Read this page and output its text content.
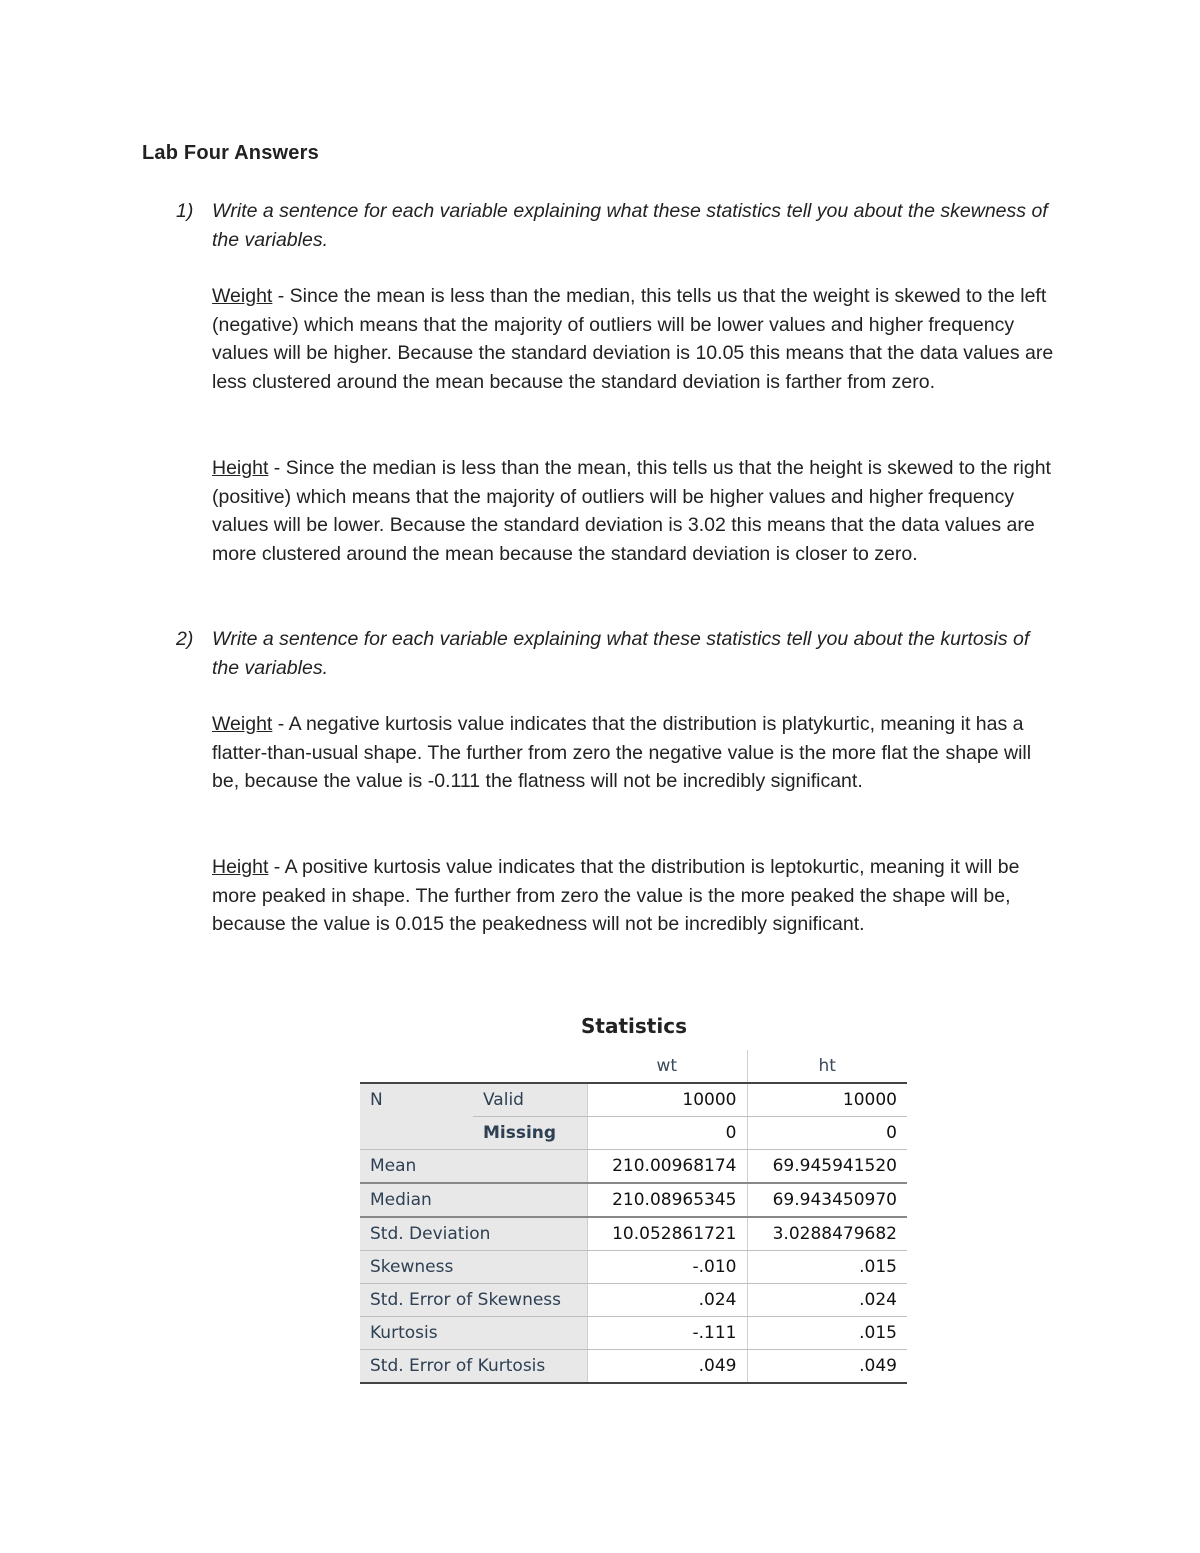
Lab Four Answers
1) Write a sentence for each variable explaining what these statistics tell you about the skewness of the variables.
Weight - Since the mean is less than the median, this tells us that the weight is skewed to the left (negative) which means that the majority of outliers will be lower values and higher frequency values will be higher. Because the standard deviation is 10.05 this means that the data values are less clustered around the mean because the standard deviation is farther from zero.
Height - Since the median is less than the mean, this tells us that the height is skewed to the right (positive) which means that the majority of outliers will be higher values and higher frequency values will be lower. Because the standard deviation is 3.02 this means that the data values are more clustered around the mean because the standard deviation is closer to zero.
2) Write a sentence for each variable explaining what these statistics tell you about the kurtosis of the variables.
Weight - A negative kurtosis value indicates that the distribution is platykurtic, meaning it has a flatter-than-usual shape. The further from zero the negative value is the more flat the shape will be, because the value is -0.111 the flatness will not be incredibly significant.
Height - A positive kurtosis value indicates that the distribution is leptokurtic, meaning it will be more peaked in shape. The further from zero the value is the more peaked the shape will be, because the value is 0.015 the peakedness will not be incredibly significant.
Statistics
		wt	ht
N	Valid	10000	10000
	Missing	0	0
Mean		210.00968174	69.945941520
Median		210.08965345	69.943450970
Std. Deviation		10.052861721	3.0288479682
Skewness		-.010	.015
Std. Error of Skewness		.024	.024
Kurtosis		-.111	.015
Std. Error of Kurtosis		.049	.049
